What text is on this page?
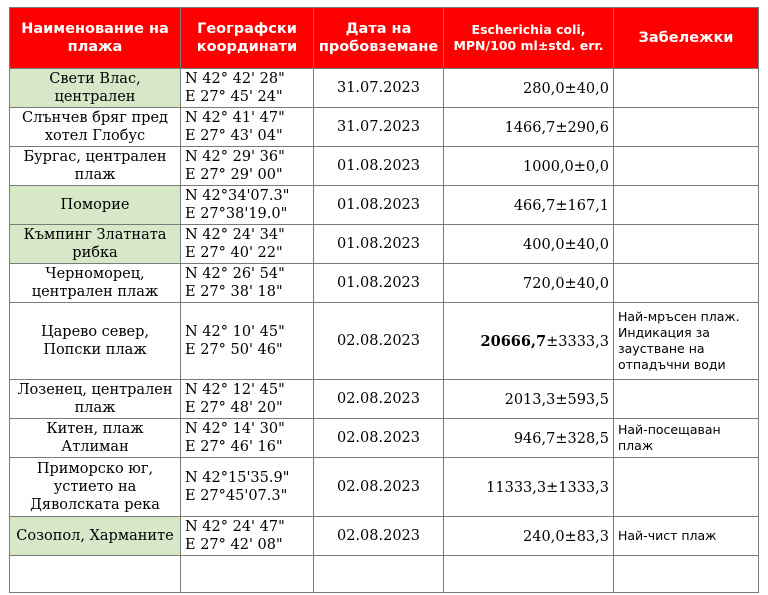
Наименование на плажа	Географски координати	Дата на пробовземане	Escherichia coli, MPN/100 ml±std. err.	Забележки
Свети Влас, централен	N 42° 42' 28"
E 27° 45' 24"	31.07.2023	280,0±40,0	
Слънчев бряг пред хотел Глобус	N 42° 41' 47"
E 27° 43' 04"	31.07.2023	1466,7±290,6	
Бургас, централен плаж	N 42° 29' 36"
E 27° 29' 00"	01.08.2023	1000,0±0,0	
Поморие	N 42°34'07.3"
E 27°38'19.0"	01.08.2023	466,7±167,1	
Къмпинг Златната рибка	N 42° 24' 34"
E 27° 40' 22"	01.08.2023	400,0±40,0	
Черноморец, централен плаж	N 42° 26' 54"
E 27° 38' 18"	01.08.2023	720,0±40,0	
Царево север, Попски плаж	N 42° 10' 45"
E 27° 50' 46"	02.08.2023	20666,7±3333,3	Най-мръсен плаж. Индикация за заустване на отпадъчни води
Лозенец, централен плаж	N 42° 12' 45"
E 27° 48' 20"	02.08.2023	2013,3±593,5	
Китен, плаж Атлиман	N 42° 14' 30"
E 27° 46' 16"	02.08.2023	946,7±328,5	Най-посещаван плаж
Приморско юг, устието на Дяволската река	N 42°15'35.9"
E 27°45'07.3"	02.08.2023	11333,3±1333,3	
Созопол, Харманите	N 42° 24' 47"
E 27° 42' 08"	02.08.2023	240,0±83,3	Най-чист плаж
